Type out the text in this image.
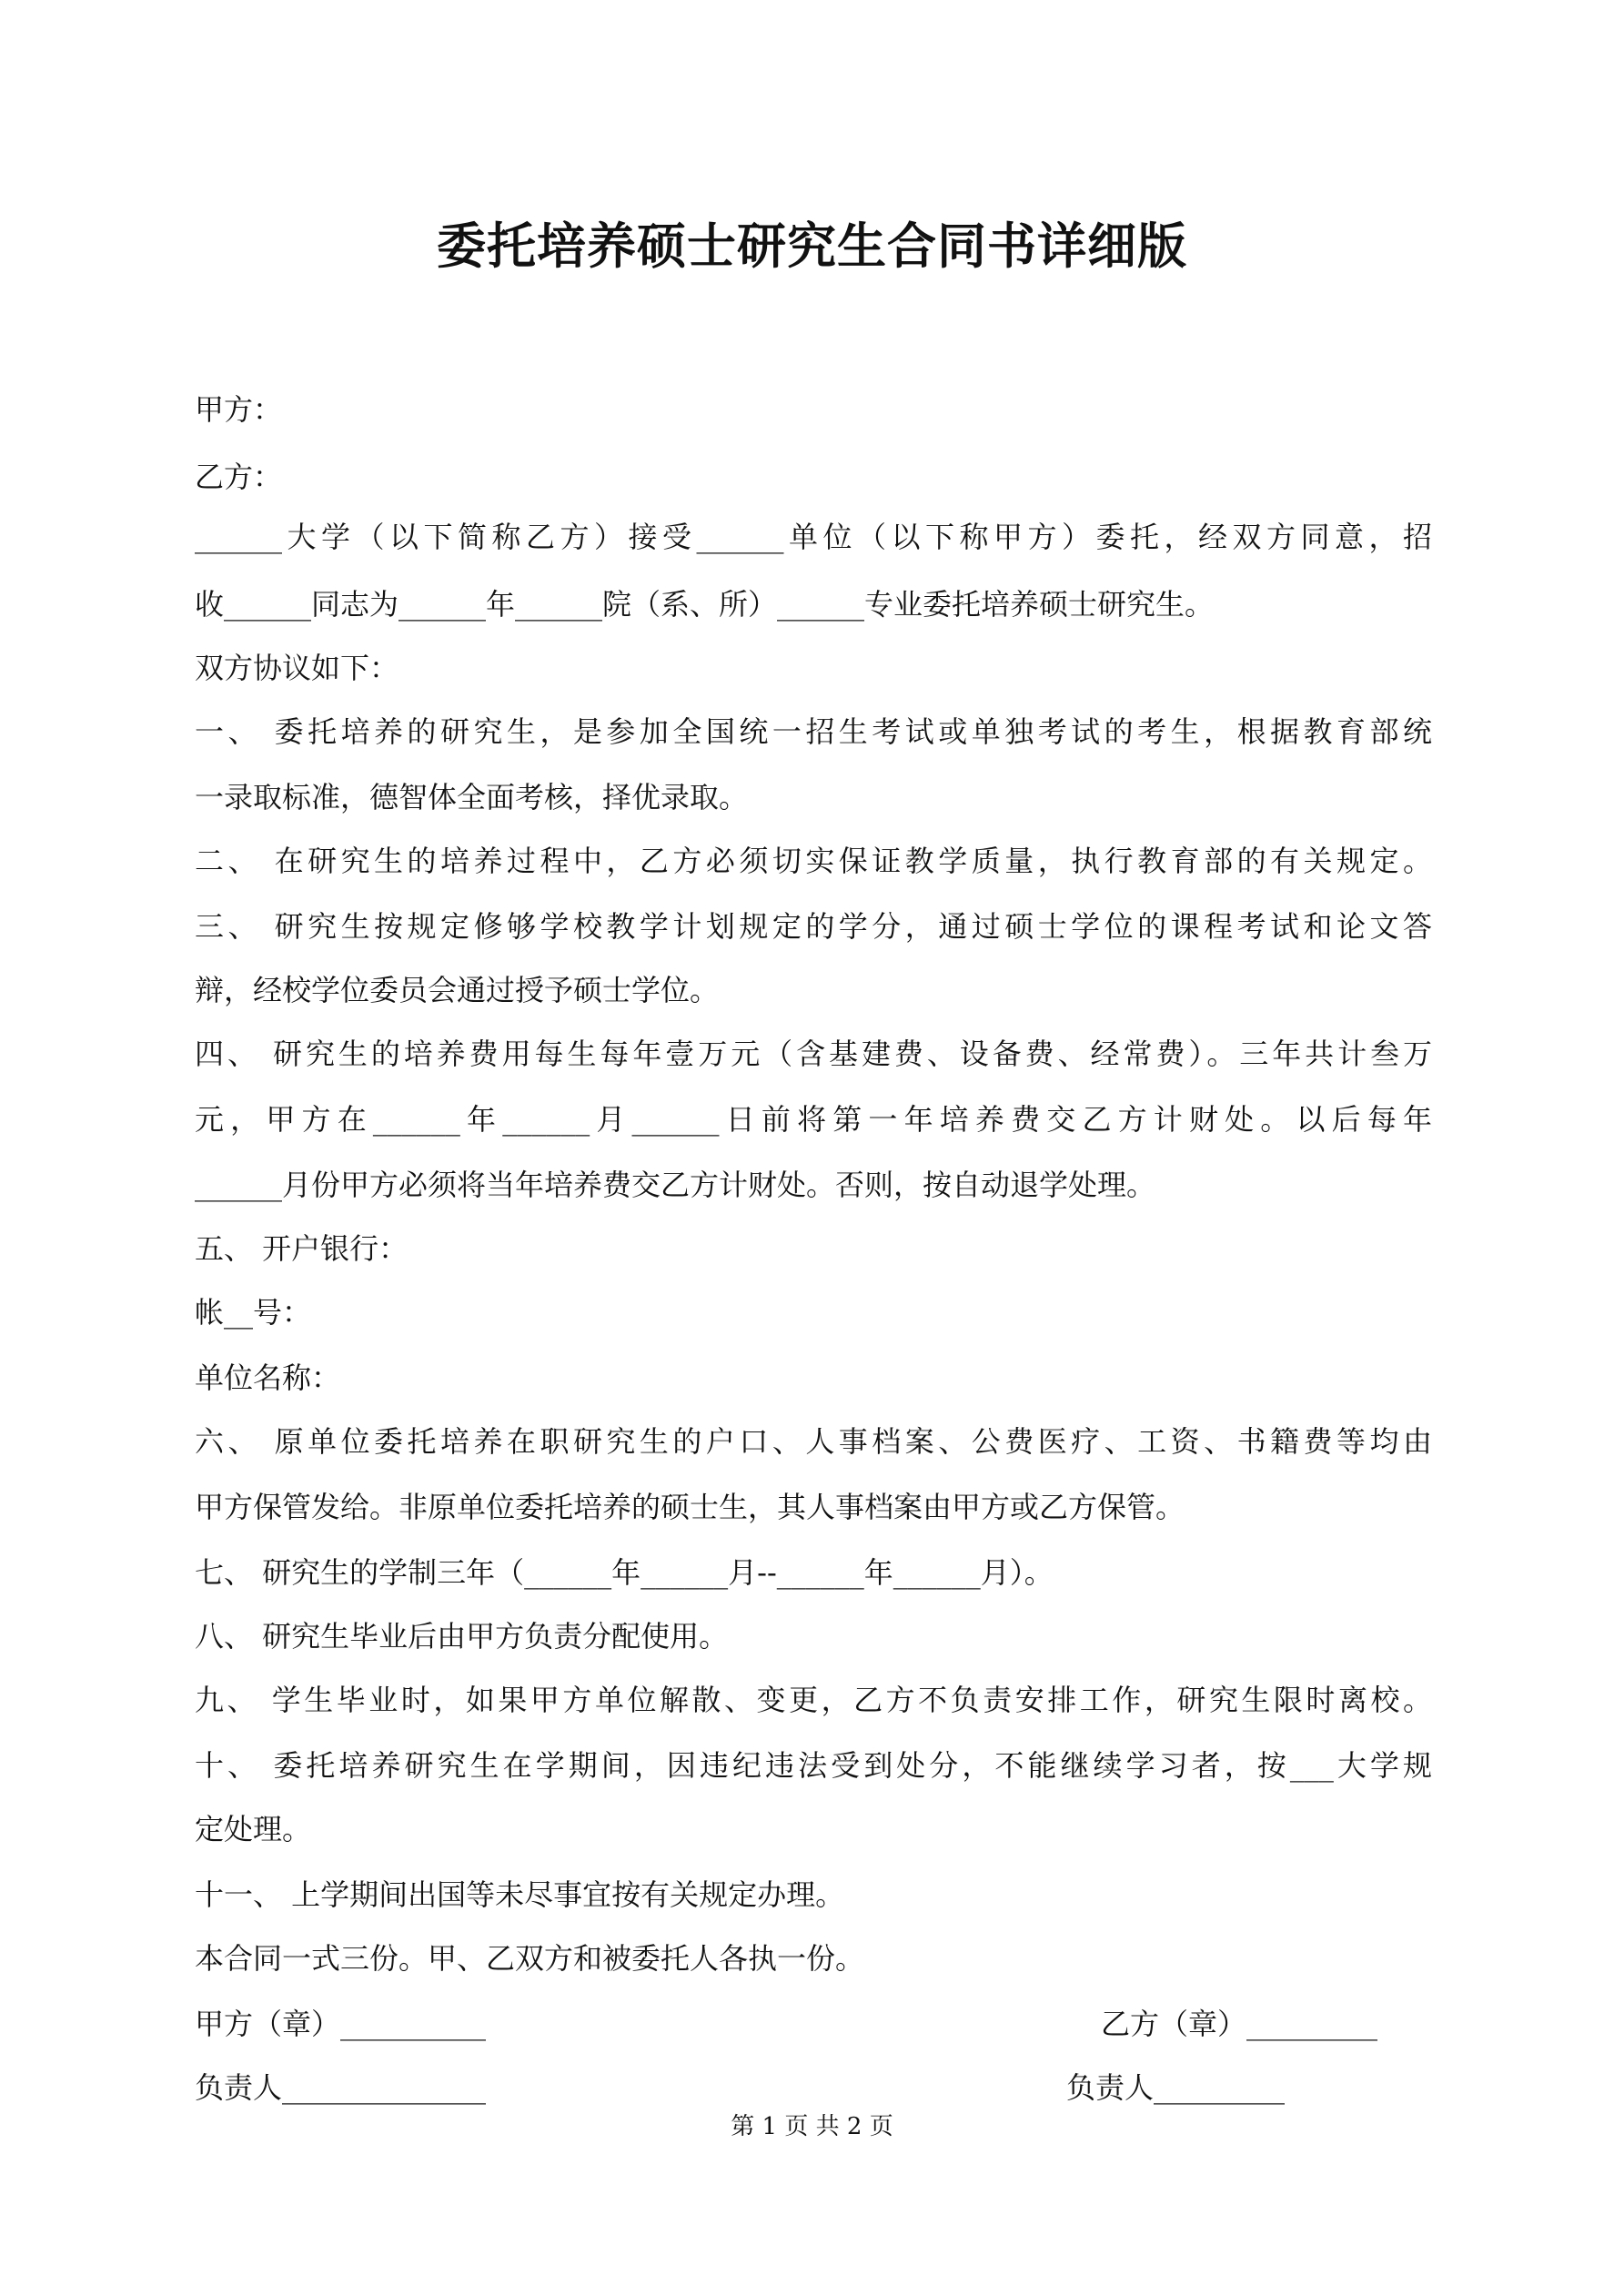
委托培养硕士研究生合同书详细版
甲方：
乙方：
______大学（以下简称乙方）接受______单位（以下称甲方）委托，经双方同意，招
收______同志为______年______院（系、所）______专业委托培养硕士研究生。
双方协议如下：
一、 委托培养的研究生，是参加全国统一招生考试或单独考试的考生，根据教育部统
一录取标准，德智体全面考核，择优录取。
二、 在研究生的培养过程中，乙方必须切实保证教学质量，执行教育部的有关规定。
三、 研究生按规定修够学校教学计划规定的学分，通过硕士学位的课程考试和论文答
辩，经校学位委员会通过授予硕士学位。
四、 研究生的培养费用每生每年壹万元（含基建费、设备费、经常费）。三年共计叁万
元，甲方在______年______月______日前将第一年培养费交乙方计财处。以后每年
______月份甲方必须将当年培养费交乙方计财处。否则，按自动退学处理。
五、 开户银行：
帐__号：
单位名称：
六、 原单位委托培养在职研究生的户口、人事档案、公费医疗、工资、书籍费等均由
甲方保管发给。非原单位委托培养的硕士生，其人事档案由甲方或乙方保管。
七、 研究生的学制三年（______年______月--______年______月）。
八、 研究生毕业后由甲方负责分配使用。
九、 学生毕业时，如果甲方单位解散、变更，乙方不负责安排工作，研究生限时离校。
十、 委托培养研究生在学期间，因违纪违法受到处分，不能继续学习者，按___大学规
定处理。
十一、 上学期间出国等未尽事宜按有关规定办理。
本合同一式三份。甲、乙双方和被委托人各执一份。
甲方（章）__________	乙方（章）_________
负责人______________	负责人_________
第 1 页 共 2 页
